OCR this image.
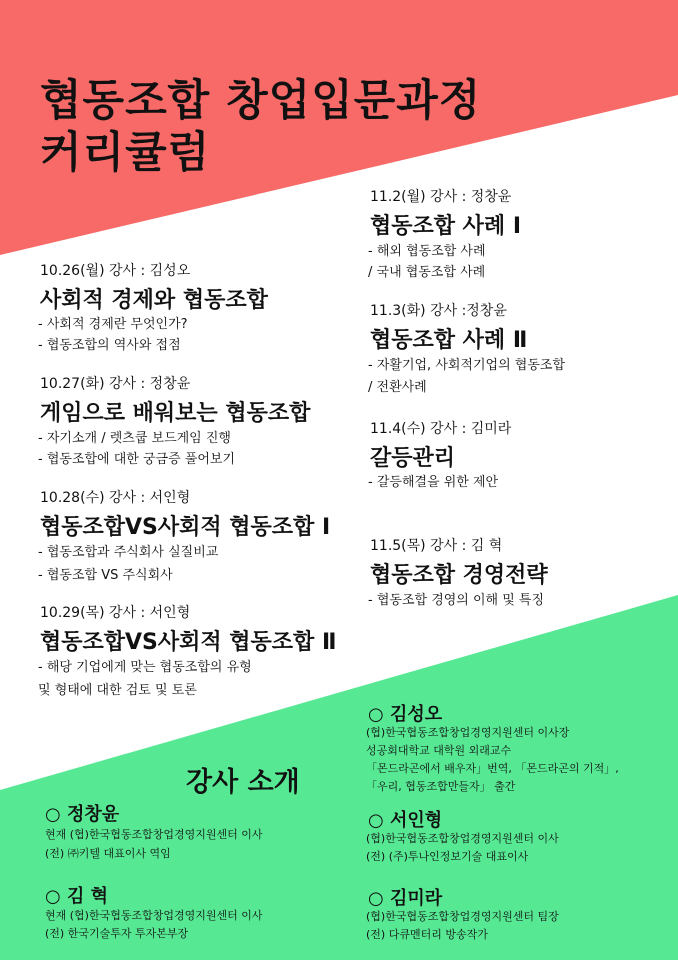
협동조합 창업입문과정
커리큘럼
10.26(월) 강사 : 김성오
사회적 경제와 협동조합
- 사회적 경제란 무엇인가?
- 협동조합의 역사와 접점
10.27(화) 강사 : 정창윤
게임으로 배워보는 협동조합
- 자기소개 / 렛츠쿱 보드게임 진행
- 협동조합에 대한 궁금증 풀어보기
10.28(수) 강사 : 서인형
협동조합VS사회적 협동조합 Ⅰ
- 협동조합과 주식회사 실질비교
- 협동조합 VS 주식회사
10.29(목) 강사 : 서인형
협동조합VS사회적 협동조합 Ⅱ
- 해당 기업에게 맞는 협동조합의 유형
및 형태에 대한 검토 및 토론
11.2(월) 강사 : 정창윤
협동조합 사례 Ⅰ
- 해외 협동조합 사례
/ 국내 협동조합 사례
11.3(화) 강사 :정창윤
협동조합 사례 Ⅱ
- 자활기업, 사회적기업의 협동조합
/ 전환사례
11.4(수) 강사 : 김미라
갈등관리
- 갈등해결을 위한 제안
11.5(목) 강사 : 김 혁
협동조합 경영전략
- 협동조합 경영의 이해 및 특징
강사 소개
○ 정창윤
현재 (협)한국협동조합창업경영지원센터 이사
(전) ㈜키텔 대표이사 역임
○ 김 혁
현재 (협)한국협동조합창업경영지원센터 이사
(전) 한국기술투자 투자본부장
○ 김성오
(협)한국협동조합창업경영지원센터 이사장
성공회대학교 대학원 외래교수
「몬드라곤에서 배우자」번역, 「몬드라곤의 기적」,
「우리, 협동조합만들자」 출간
○ 서인형
(협)한국협동조합창업경영지원센터 이사
(전) (주)투나인정보기술 대표이사
○ 김미라
(협)한국협동조합창업경영지원센터 팀장
(전) 다큐멘터리 방송작가
